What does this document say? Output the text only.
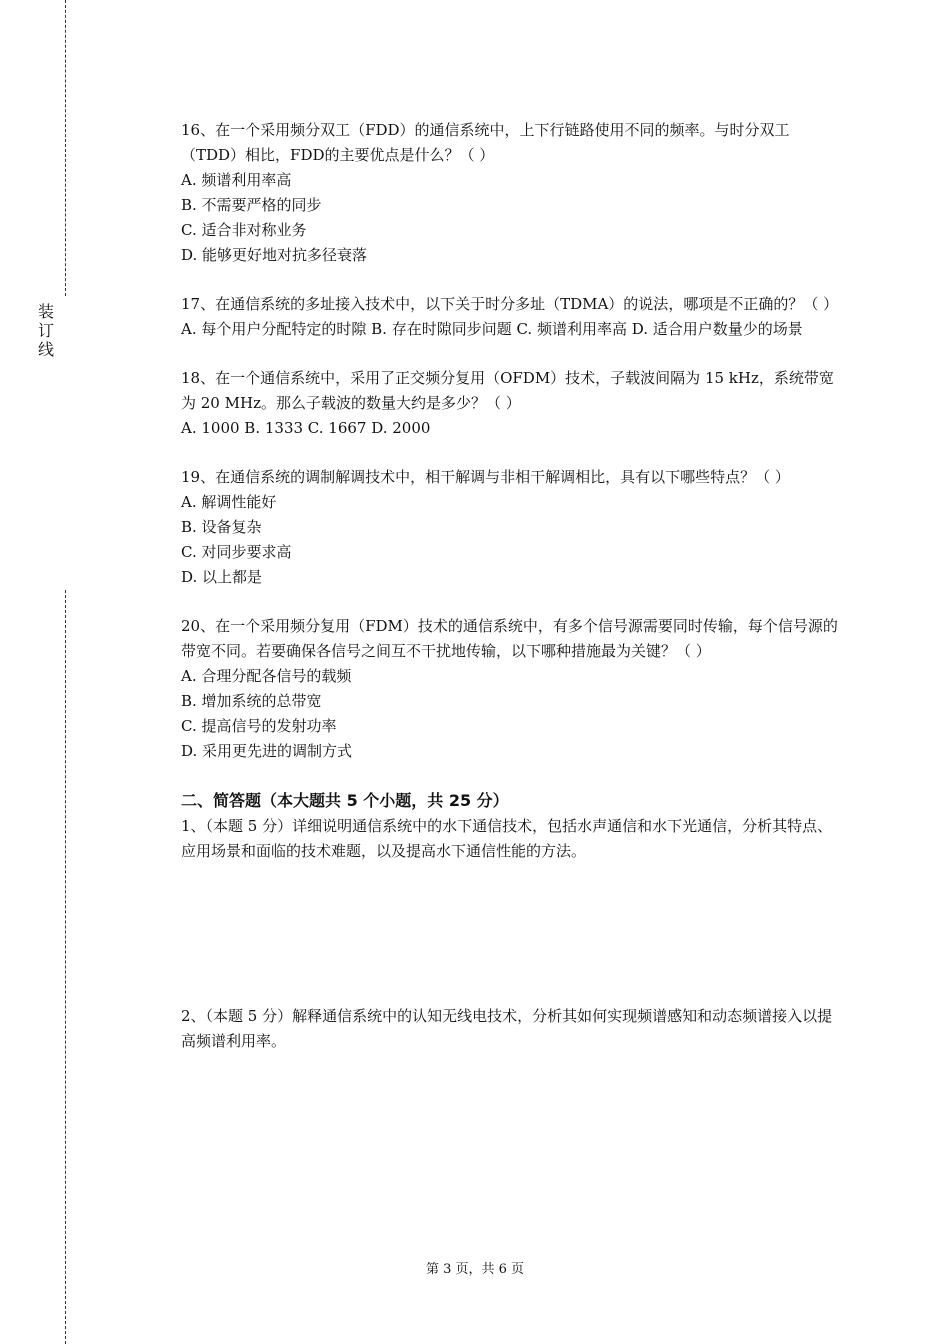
装订线
16、在一个采用频分双工（FDD）的通信系统中，上下行链路使用不同的频率。与时分双工（TDD）相比，FDD的主要优点是什么？（ ）
A. 频谱利用率高
B. 不需要严格的同步
C. 适合非对称业务
D. 能够更好地对抗多径衰落
17、在通信系统的多址接入技术中，以下关于时分多址（TDMA）的说法，哪项是不正确的？（ ）
A. 每个用户分配特定的时隙 B. 存在时隙同步问题 C. 频谱利用率高 D. 适合用户数量少的场景
18、在一个通信系统中，采用了正交频分复用（OFDM）技术，子载波间隔为 15 kHz，系统带宽为 20 MHz。那么子载波的数量大约是多少？（ ）
A. 1000 B. 1333 C. 1667 D. 2000
19、在通信系统的调制解调技术中，相干解调与非相干解调相比，具有以下哪些特点？（ ）
A. 解调性能好
B. 设备复杂
C. 对同步要求高
D. 以上都是
20、在一个采用频分复用（FDM）技术的通信系统中，有多个信号源需要同时传输，每个信号源的带宽不同。若要确保各信号之间互不干扰地传输，以下哪种措施最为关键？（ ）
A. 合理分配各信号的载频
B. 增加系统的总带宽
C. 提高信号的发射功率
D. 采用更先进的调制方式
二、简答题（本大题共 5 个小题，共 25 分）
1、（本题 5 分）详细说明通信系统中的水下通信技术，包括水声通信和水下光通信，分析其特点、应用场景和面临的技术难题，以及提高水下通信性能的方法。
2、（本题 5 分）解释通信系统中的认知无线电技术，分析其如何实现频谱感知和动态频谱接入以提高频谱利用率。
第 3 页，共 6 页
